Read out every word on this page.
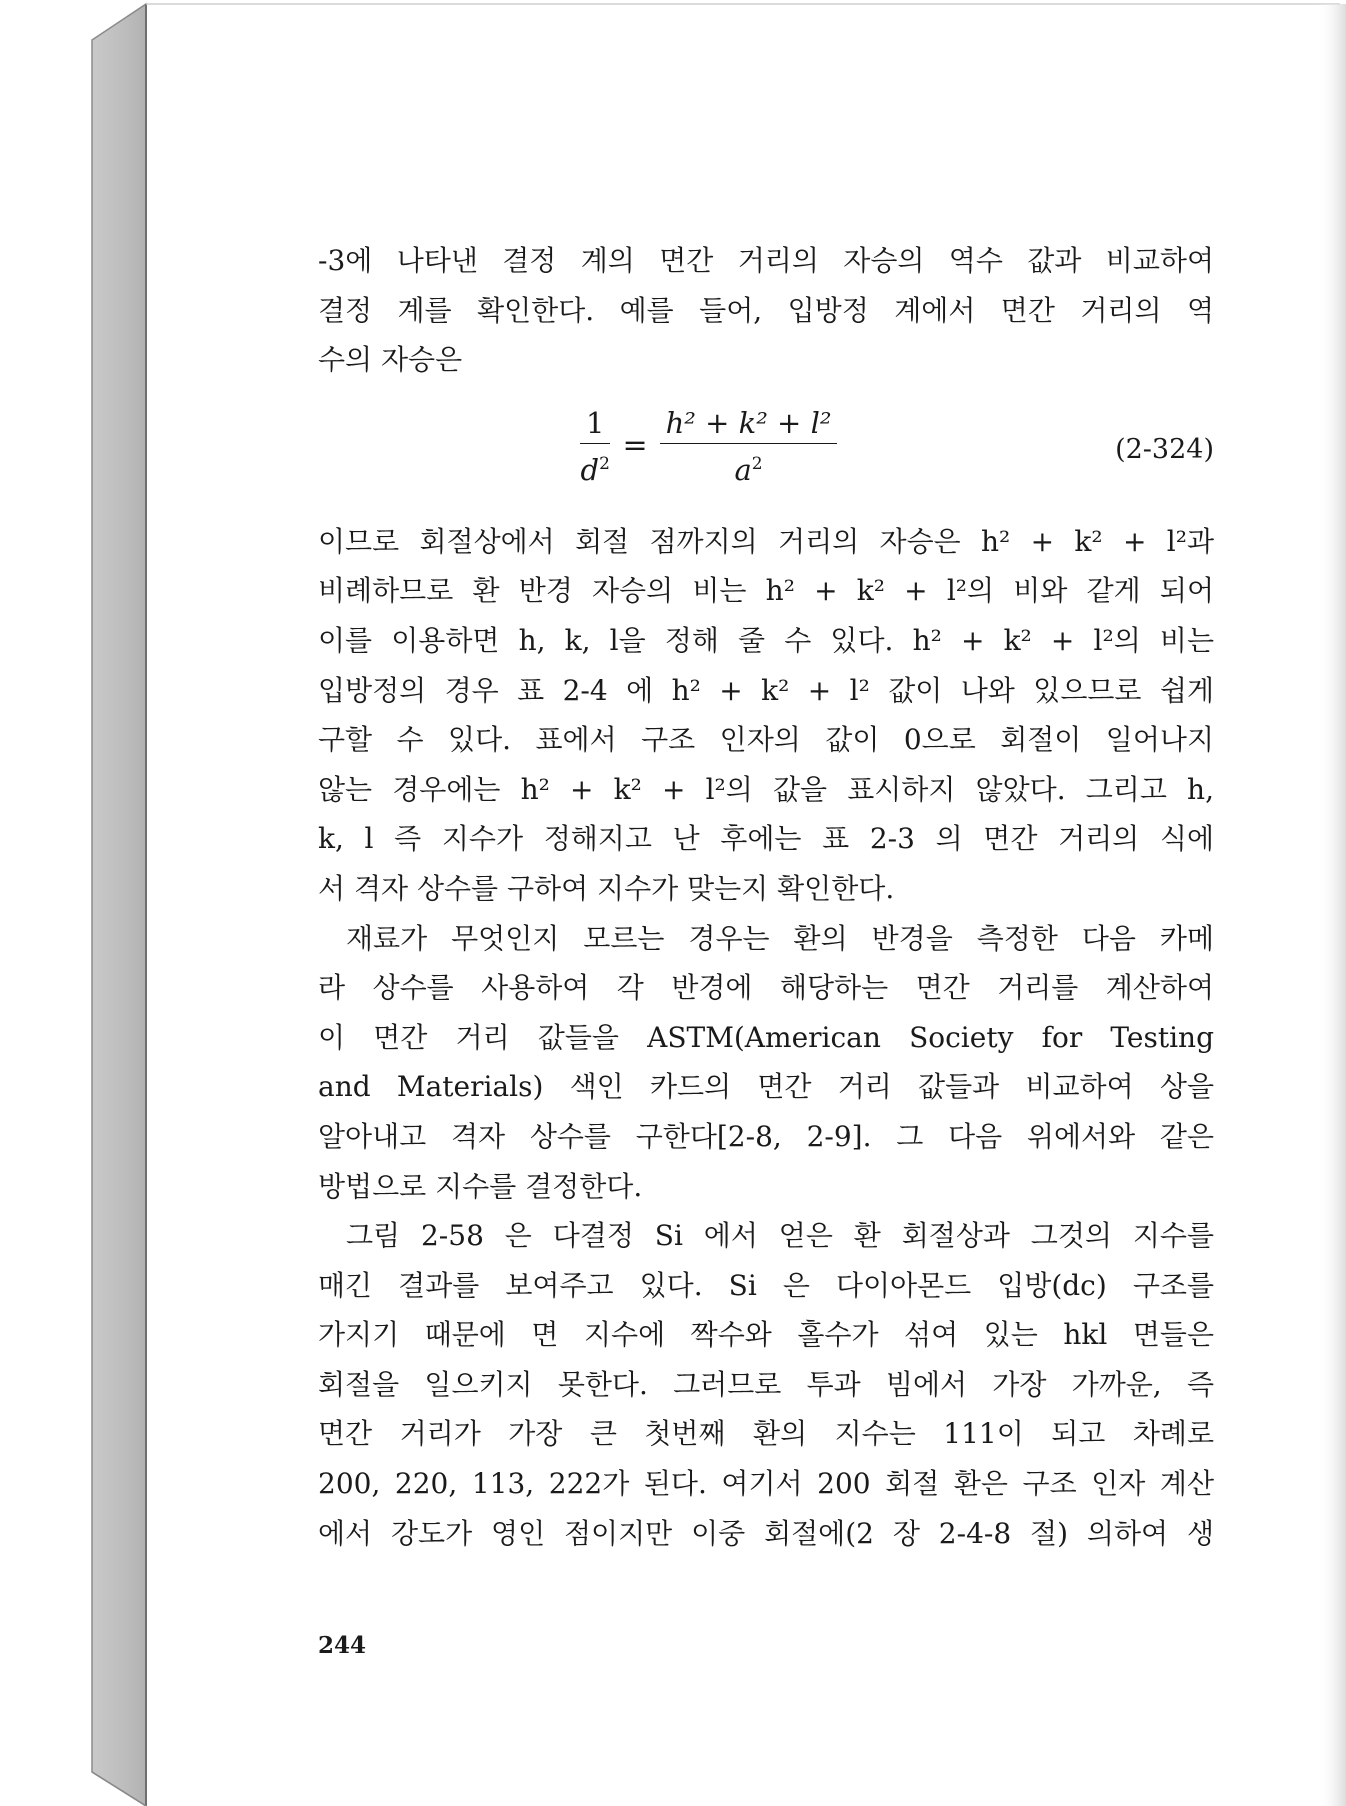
-3에 나타낸 결정 계의 면간 거리의 자승의 역수 값과 비교하여

결정 계를 확인한다. 예를 들어, 입방정 계에서 면간 거리의 역

수의 자승은

$\frac{1}{d^2} = \frac{\text{h² + k² + l²}}{a^2}$	(2-324)

이므로 회절상에서 회절 점까지의 거리의 자승은 h² + k² + l²과

비례하므로 환 반경 자승의 비는 h² + k² + l²의 비와 같게 되어

이를 이용하면 h, k, l을 정해 줄 수 있다. h² + k² + l²의 비는

입방정의 경우 표 2-4 에 h² + k² + l² 값이 나와 있으므로 쉽게

구할 수 있다. 표에서 구조 인자의 값이 0으로 회절이 일어나지

않는 경우에는 h² + k² + l²의 값을 표시하지 않았다. 그리고 h,

k, l 즉 지수가 정해지고 난 후에는 표 2-3 의 면간 거리의 식에

서 격자 상수를 구하여 지수가 맞는지 확인한다.

재료가 무엇인지 모르는 경우는 환의 반경을 측정한 다음 카메

라 상수를 사용하여 각 반경에 해당하는 면간 거리를 계산하여

이 면간 거리 값들을 ASTM(American Society for Testing

and Materials) 색인 카드의 면간 거리 값들과 비교하여 상을

알아내고 격자 상수를 구한다[2-8, 2-9]. 그 다음 위에서와 같은

방법으로 지수를 결정한다.

그림 2-58 은 다결정 Si 에서 얻은 환 회절상과 그것의 지수를

매긴 결과를 보여주고 있다. Si 은 다이아몬드 입방(dc) 구조를

가지기 때문에 면 지수에 짝수와 홀수가 섞여 있는 hkl 면들은

회절을 일으키지 못한다. 그러므로 투과 빔에서 가장 가까운, 즉

면간 거리가 가장 큰 첫번째 환의 지수는 111이 되고 차례로

200, 220, 113, 222가 된다. 여기서 200 회절 환은 구조 인자 계산

에서 강도가 영인 점이지만 이중 회절에(2 장 2-4-8 절) 의하여 생

244
